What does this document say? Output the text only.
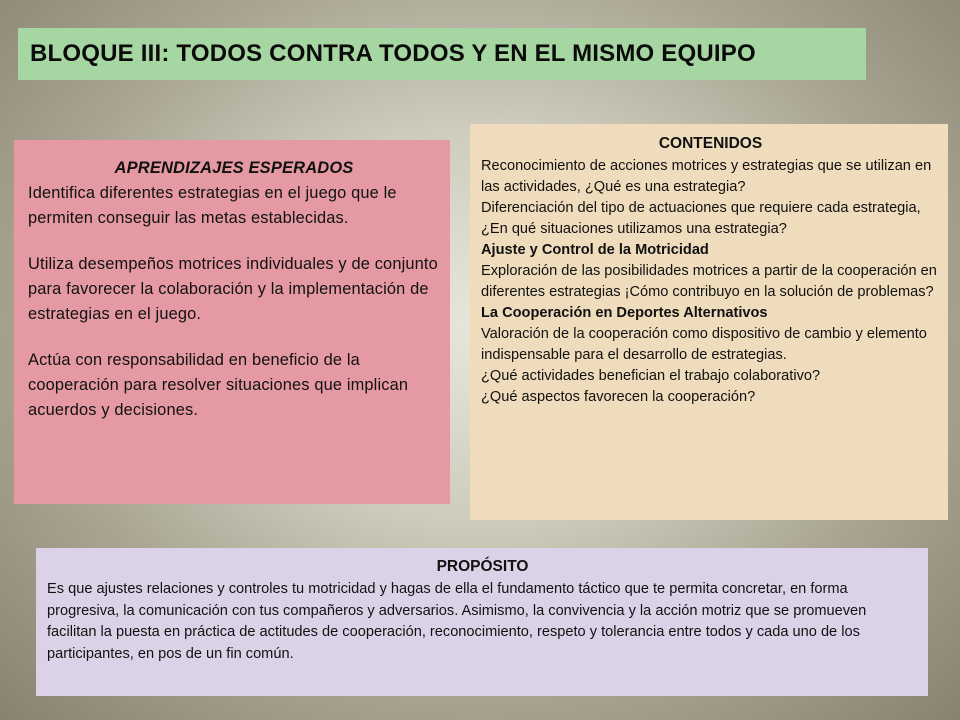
BLOQUE III: TODOS CONTRA TODOS Y EN EL MISMO EQUIPO
APRENDIZAJES ESPERADOS

Identifica diferentes estrategias en el juego que le permiten conseguir las metas establecidas.

Utiliza desempeños motrices individuales y de conjunto para favorecer la colaboración y la implementación de estrategias en el juego.

Actúa con responsabilidad en beneficio de la cooperación para resolver situaciones que implican acuerdos y decisiones.

CONTENIDOS

Reconocimiento de acciones motrices y estrategias que se utilizan en las actividades, ¿Qué es una estrategia?

Diferenciación del tipo de actuaciones que requiere cada estrategia, ¿En qué situaciones utilizamos una estrategia?

Ajuste y Control de la Motricidad

Exploración de las posibilidades motrices a partir de la cooperación en diferentes estrategias ¡Cómo contribuyo en la solución de problemas?

La Cooperación en Deportes Alternativos

Valoración de la cooperación como dispositivo de cambio y elemento indispensable para el desarrollo de estrategias.

¿Qué actividades benefician el trabajo colaborativo?

¿Qué aspectos favorecen la cooperación?

PROPÓSITO
Es que ajustes relaciones y controles tu motricidad y hagas de ella el fundamento táctico que te permita concretar, en forma progresiva, la comunicación con tus compañeros y adversarios. Asimismo, la convivencia y la acción motriz que se promueven facilitan la puesta en práctica de actitudes de cooperación, reconocimiento, respeto y tolerancia entre todos y cada uno de los participantes, en pos de un fin común.
